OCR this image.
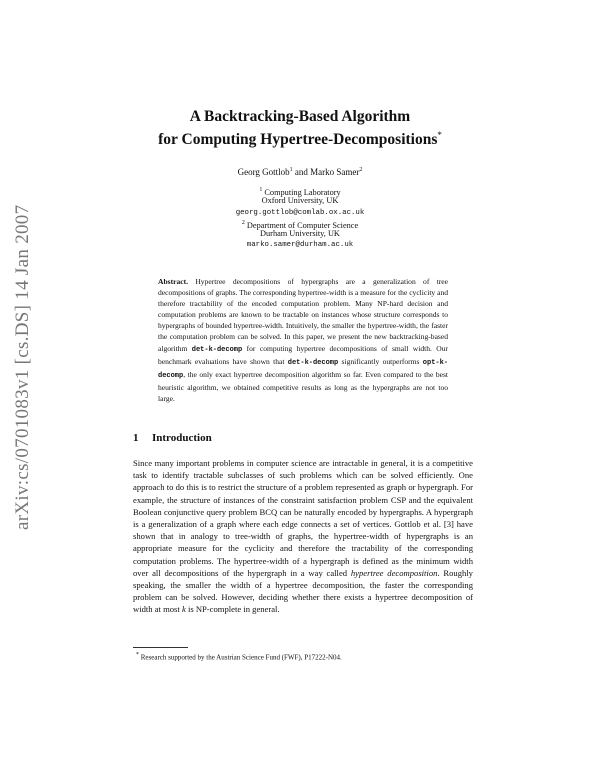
arXiv:cs/0701083v1 [cs.DS] 14 Jan 2007
A Backtracking-Based Algorithm
for Computing Hypertree-Decompositions*
Georg Gottlob$^1$ and Marko Samer$^2$
$^1$ Computing Laboratory
Oxford University, UK
georg.gottlob@comlab.ox.ac.uk
$^2$ Department of Computer Science
Durham University, UK
marko.samer@durham.ac.uk
Abstract. Hypertree decompositions of hypergraphs are a generalization of tree decompositions of graphs. The corresponding hypertree-width is a measure for the cyclicity and therefore tractability of the encoded computation problem. Many NP-hard decision and computation problems are known to be tractable on instances whose structure corresponds to hypergraphs of bounded hypertree-width. Intuitively, the smaller the hypertree-width, the faster the computation problem can be solved. In this paper, we present the new backtracking-based algorithm det-k-decomp for computing hypertree decompositions of small width. Our benchmark evaluations have shown that det-k-decomp significantly outperforms opt-k-decomp, the only exact hypertree decomposition algorithm so far. Even compared to the best heuristic algorithm, we obtained competitive results as long as the hypergraphs are not too large.
1 Introduction
Since many important problems in computer science are intractable in general, it is a competitive task to identify tractable subclasses of such problems which can be solved efficiently. One approach to do this is to restrict the structure of a problem represented as graph or hypergraph. For example, the structure of instances of the constraint satisfaction problem CSP and the equivalent Boolean conjunctive query problem BCQ can be naturally encoded by hypergraphs. A hypergraph is a generalization of a graph where each edge connects a set of vertices. Gottlob et al. [3] have shown that in analogy to tree-width of graphs, the hypertree-width of hypergraphs is an appropriate measure for the cyclicity and therefore the tractability of the corresponding computation problems. The hypertree-width of a hypergraph is defined as the minimum width over all decompositions of the hypergraph in a way called hypertree decomposition. Roughly speaking, the smaller the width of a hypertree decomposition, the faster the corresponding problem can be solved. However, deciding whether there exists a hypertree decomposition of width at most k is NP-complete in general.
* Research supported by the Austrian Science Fund (FWF), P17222-N04.
